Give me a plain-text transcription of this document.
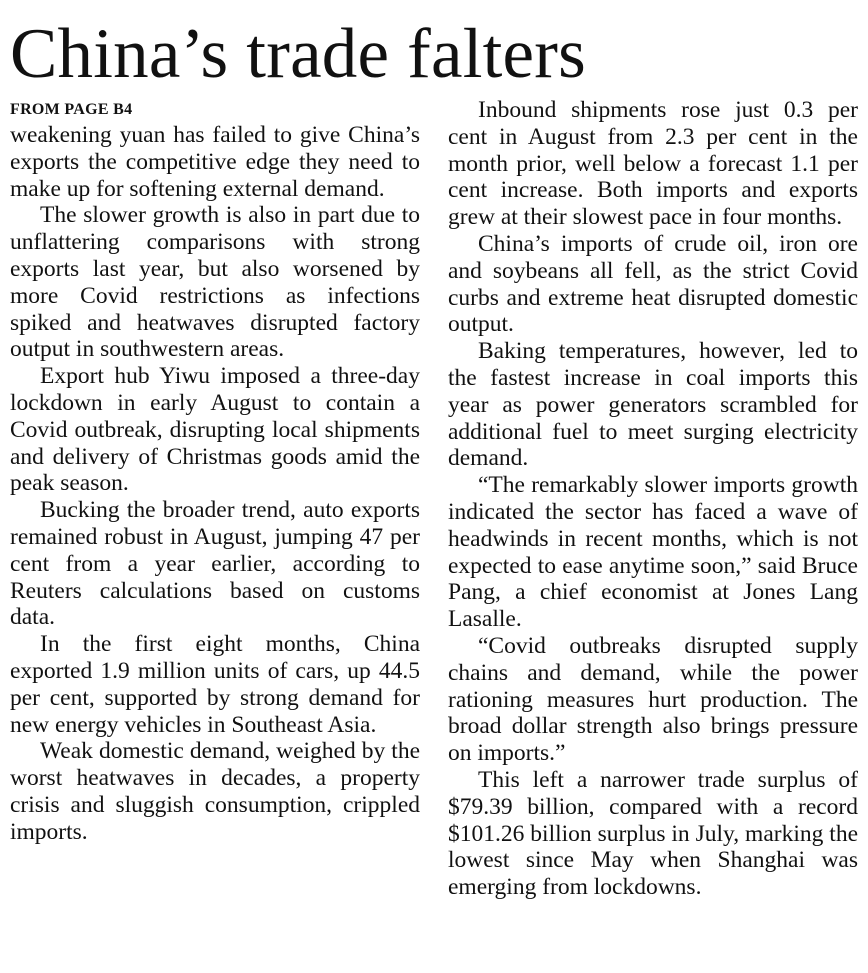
China’s trade falters
FROM PAGE B4

weakening yuan has failed to give China’s exports the competitive edge they need to make up for softening external demand.

The slower growth is also in part due to unflattering comparisons with strong exports last year, but also worsened by more Covid restrictions as infections spiked and heatwaves disrupted factory output in southwestern areas.

Export hub Yiwu imposed a three-day lockdown in early August to contain a Covid outbreak, disrupting local shipments and delivery of Christmas goods amid the peak season.

Bucking the broader trend, auto exports remained robust in August, jumping 47 per cent from a year earlier, according to Reuters calculations based on customs data.

In the first eight months, China exported 1.9 million units of cars, up 44.5 per cent, supported by strong demand for new energy vehicles in Southeast Asia.

Weak domestic demand, weighed by the worst heatwaves in decades, a property crisis and sluggish consumption, crippled imports.

Inbound shipments rose just 0.3 per cent in August from 2.3 per cent in the month prior, well below a forecast 1.1 per cent increase. Both imports and exports grew at their slowest pace in four months.

China’s imports of crude oil, iron ore and soybeans all fell, as the strict Covid curbs and extreme heat disrupted domestic output.

Baking temperatures, however, led to the fastest increase in coal imports this year as power generators scrambled for additional fuel to meet surging electricity demand.

“The remarkably slower imports growth indicated the sector has faced a wave of headwinds in recent months, which is not expected to ease anytime soon,” said Bruce Pang, a chief economist at Jones Lang Lasalle.

“Covid outbreaks disrupted supply chains and demand, while the power rationing measures hurt production. The broad dollar strength also brings pressure on imports.”

This left a narrower trade surplus of $79.39 billion, compared with a record $101.26 billion surplus in July, marking the lowest since May when Shanghai was emerging from lockdowns.
